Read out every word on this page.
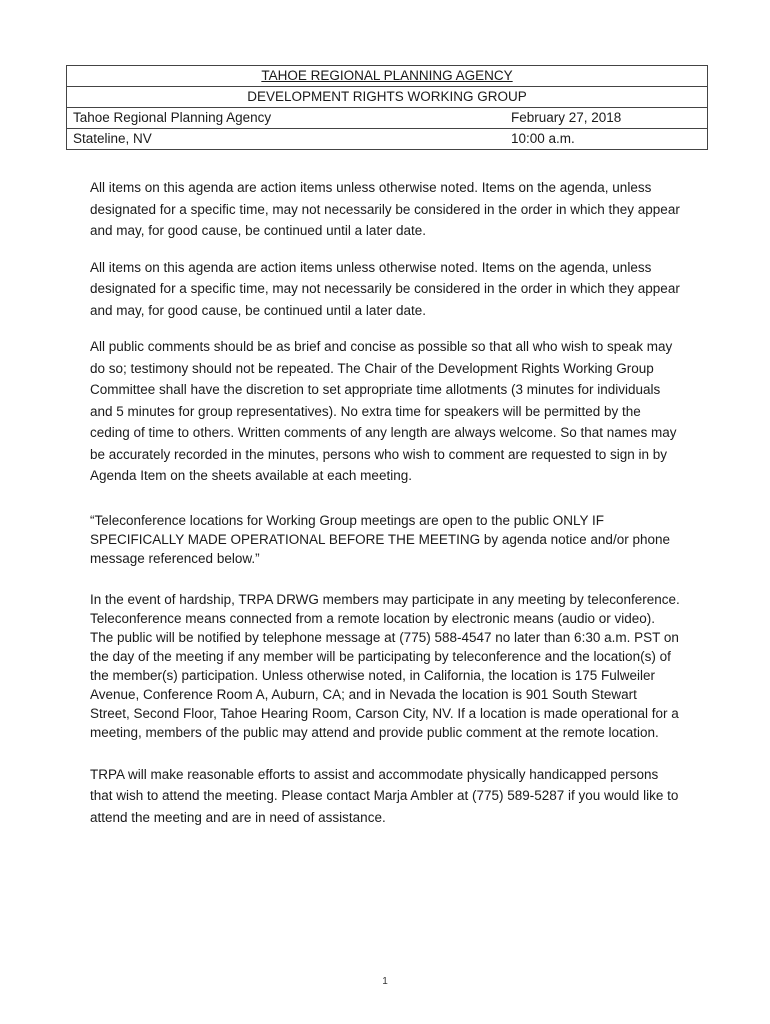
TAHOE REGIONAL PLANNING AGENCY
DEVELOPMENT RIGHTS WORKING GROUP

Tahoe Regional Planning Agency	February 27, 2018

Stateline, NV	10:00 a.m.

All items on this agenda are action items unless otherwise noted. Items on the agenda, unless designated for a specific time, may not necessarily be considered in the order in which they appear and may, for good cause, be continued until a later date.

All items on this agenda are action items unless otherwise noted. Items on the agenda, unless designated for a specific time, may not necessarily be considered in the order in which they appear and may, for good cause, be continued until a later date.

All public comments should be as brief and concise as possible so that all who wish to speak may do so; testimony should not be repeated. The Chair of the Development Rights Working Group Committee shall have the discretion to set appropriate time allotments (3 minutes for individuals and 5 minutes for group representatives). No extra time for speakers will be permitted by the ceding of time to others. Written comments of any length are always welcome. So that names may be accurately recorded in the minutes, persons who wish to comment are requested to sign in by Agenda Item on the sheets available at each meeting.

“Teleconference locations for Working Group meetings are open to the public ONLY IF SPECIFICALLY MADE OPERATIONAL BEFORE THE MEETING by agenda notice and/or phone message referenced below.”

In the event of hardship, TRPA DRWG members may participate in any meeting by teleconference. Teleconference means connected from a remote location by electronic means (audio or video). The public will be notified by telephone message at (775) 588-4547 no later than 6:30 a.m. PST on the day of the meeting if any member will be participating by teleconference and the location(s) of the member(s) participation. Unless otherwise noted, in California, the location is 175 Fulweiler Avenue, Conference Room A, Auburn, CA; and in Nevada the location is 901 South Stewart Street, Second Floor, Tahoe Hearing Room, Carson City, NV. If a location is made operational for a meeting, members of the public may attend and provide public comment at the remote location.

TRPA will make reasonable efforts to assist and accommodate physically handicapped persons that wish to attend the meeting. Please contact Marja Ambler at (775) 589-5287 if you would like to attend the meeting and are in need of assistance.

1
